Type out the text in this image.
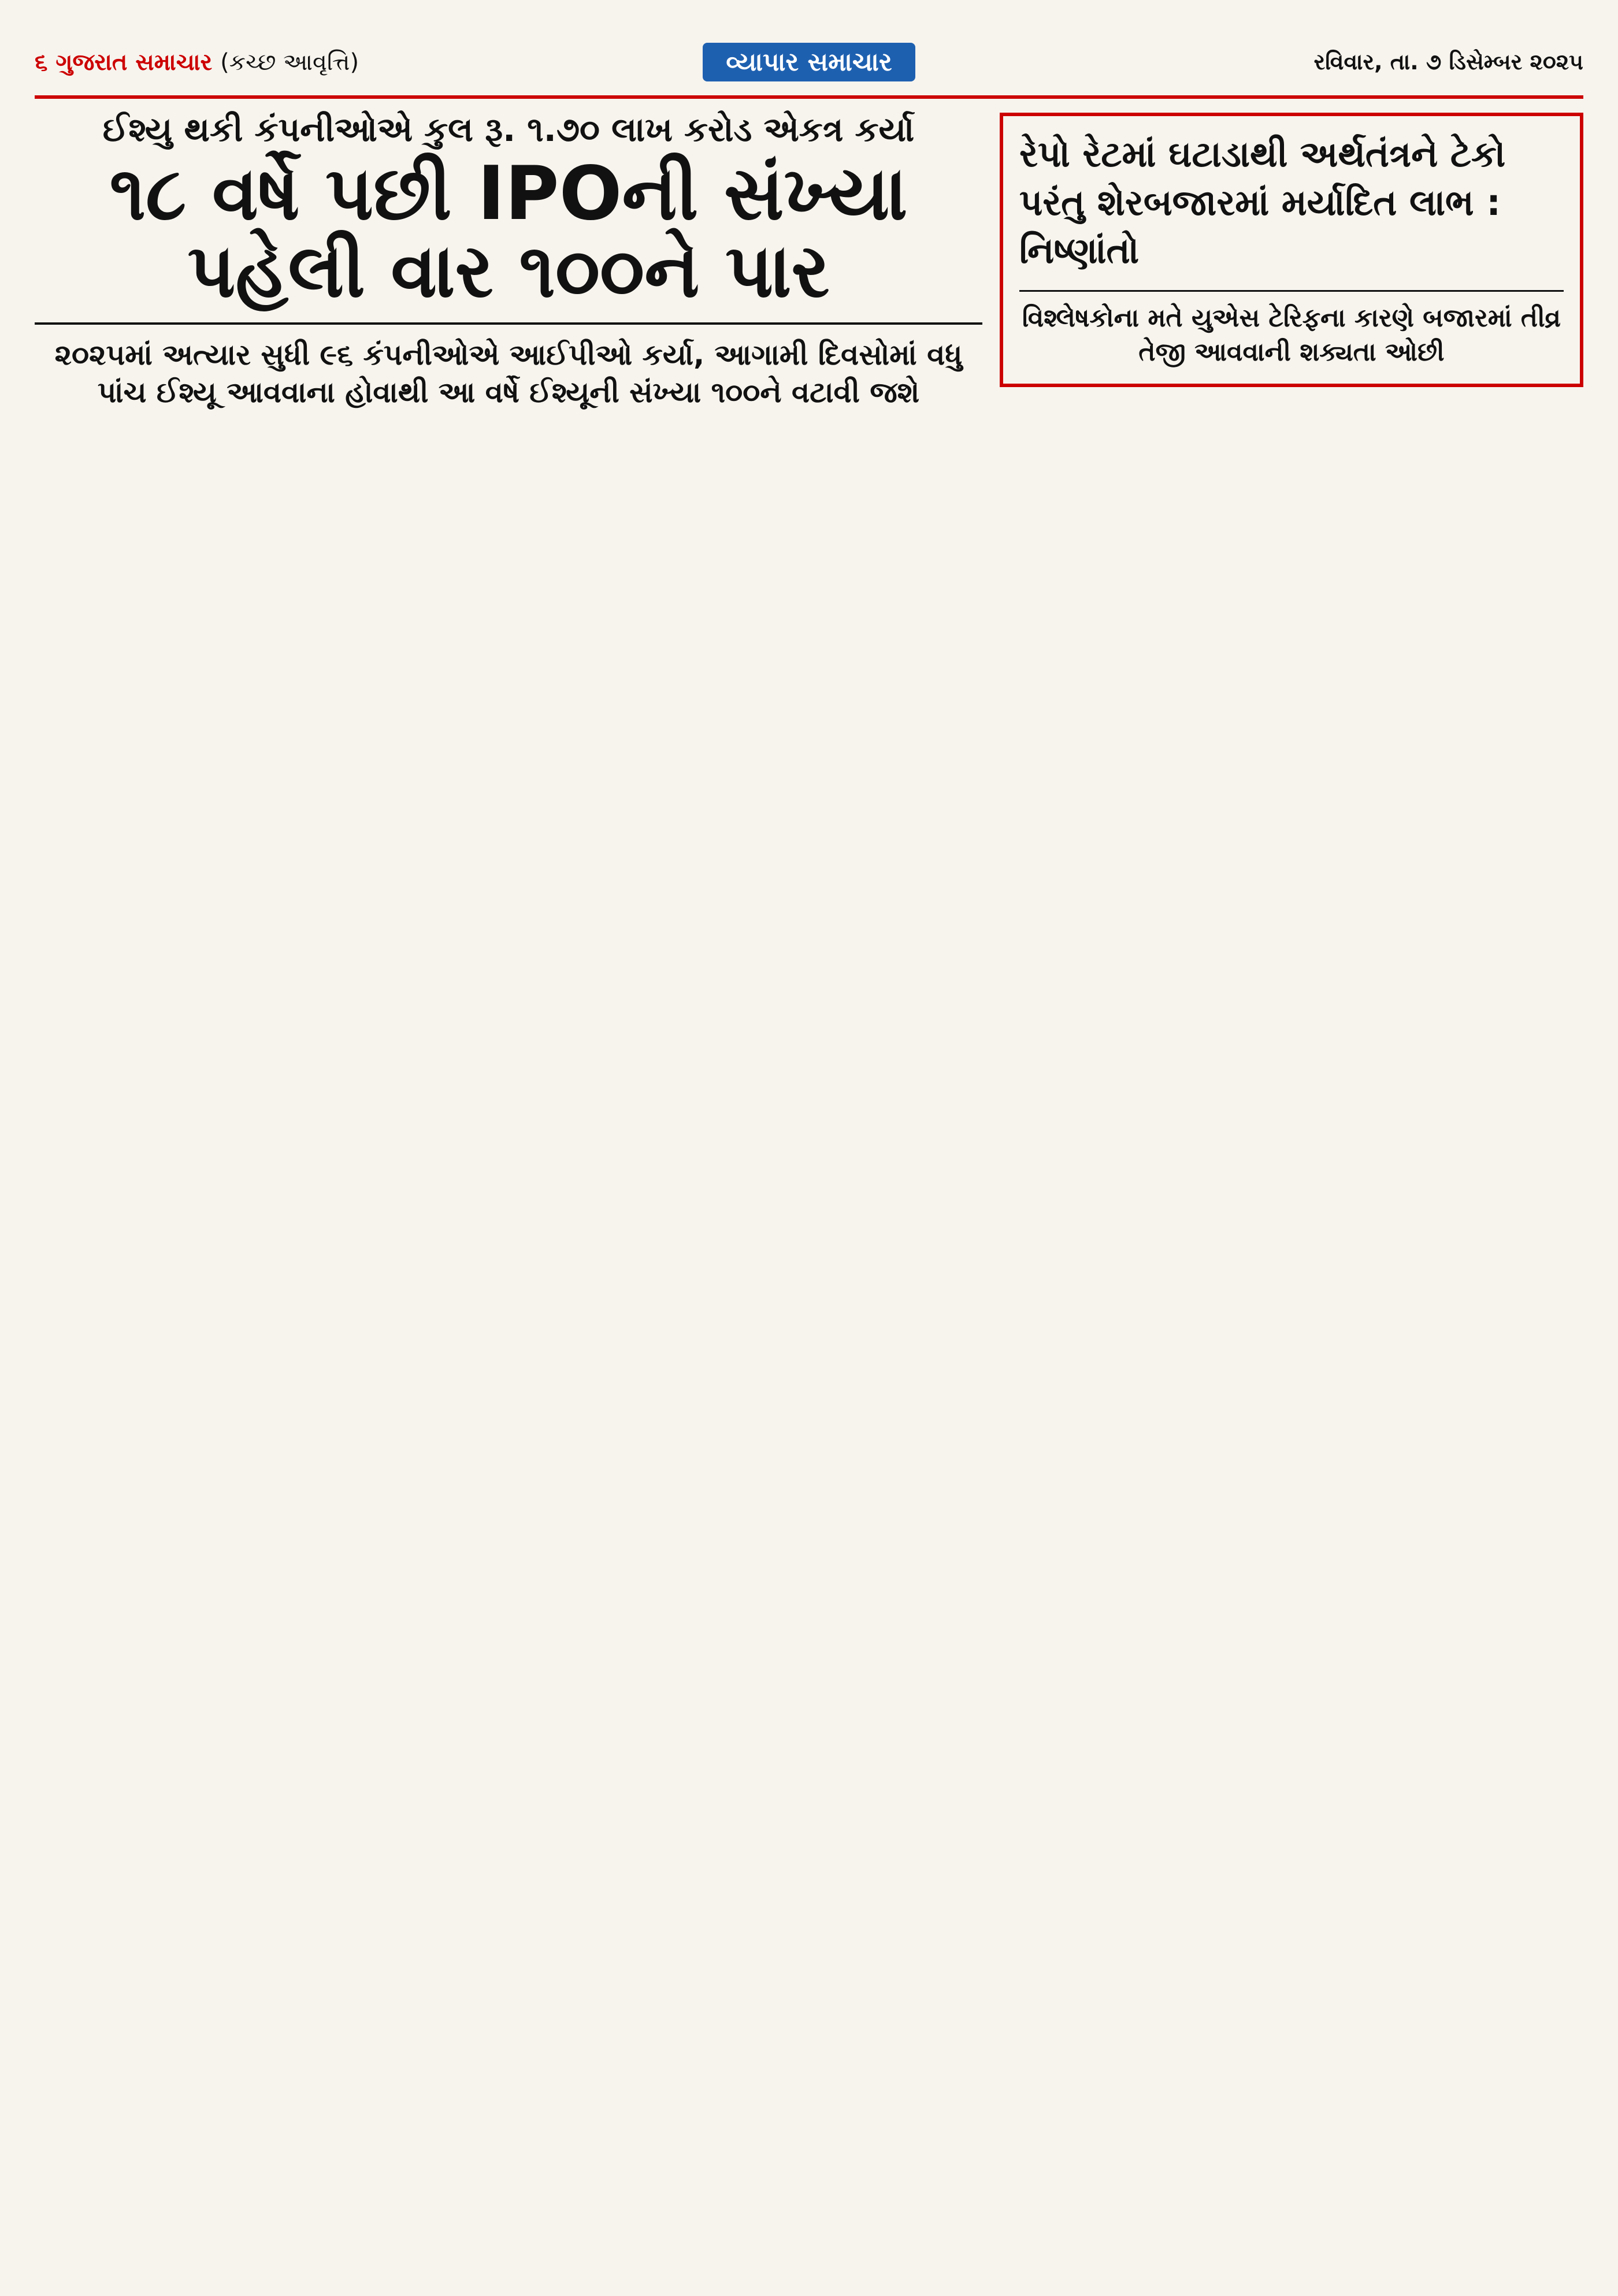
૬ ગુજરાત સમાચાર (કચ્છ આવૃત્તિ)	વ્યાપાર સમાચાર	રવિવાર, તા. ૭ ડિસેમ્બર ૨૦૨૫
ઈશ્યુ થકી કંપનીઓએ કુલ રૂ. ૧.૭૦ લાખ કરોડ એકત્ર કર્યા
૧૮ વર્ષે પછી IPOની સંખ્યા પહેલી વાર ૧૦૦ને પાર
૨૦૨૫માં અત્યાર સુધી ૯૬ કંપનીઓએ આઈપીઓ કર્યા, આગામી દિવસોમાં વધુ પાંચ ઈશ્યૂ આવવાના હોવાથી આ વર્ષે ઈશ્યૂની સંખ્યા ૧૦૦ને વટાવી જશે
રેપો રેટમાં ઘટાડાથી અર્થતંત્રને ટેકો પરંતુ શેરબજારમાં મર્યાદિત લાભ : નિષ્ણાંતો
વિશ્લેષકોના મતે યુએસ ટેરિફના કારણે બજારમાં તીવ્ર તેજી આવવાની શક્યતા ઓછી
